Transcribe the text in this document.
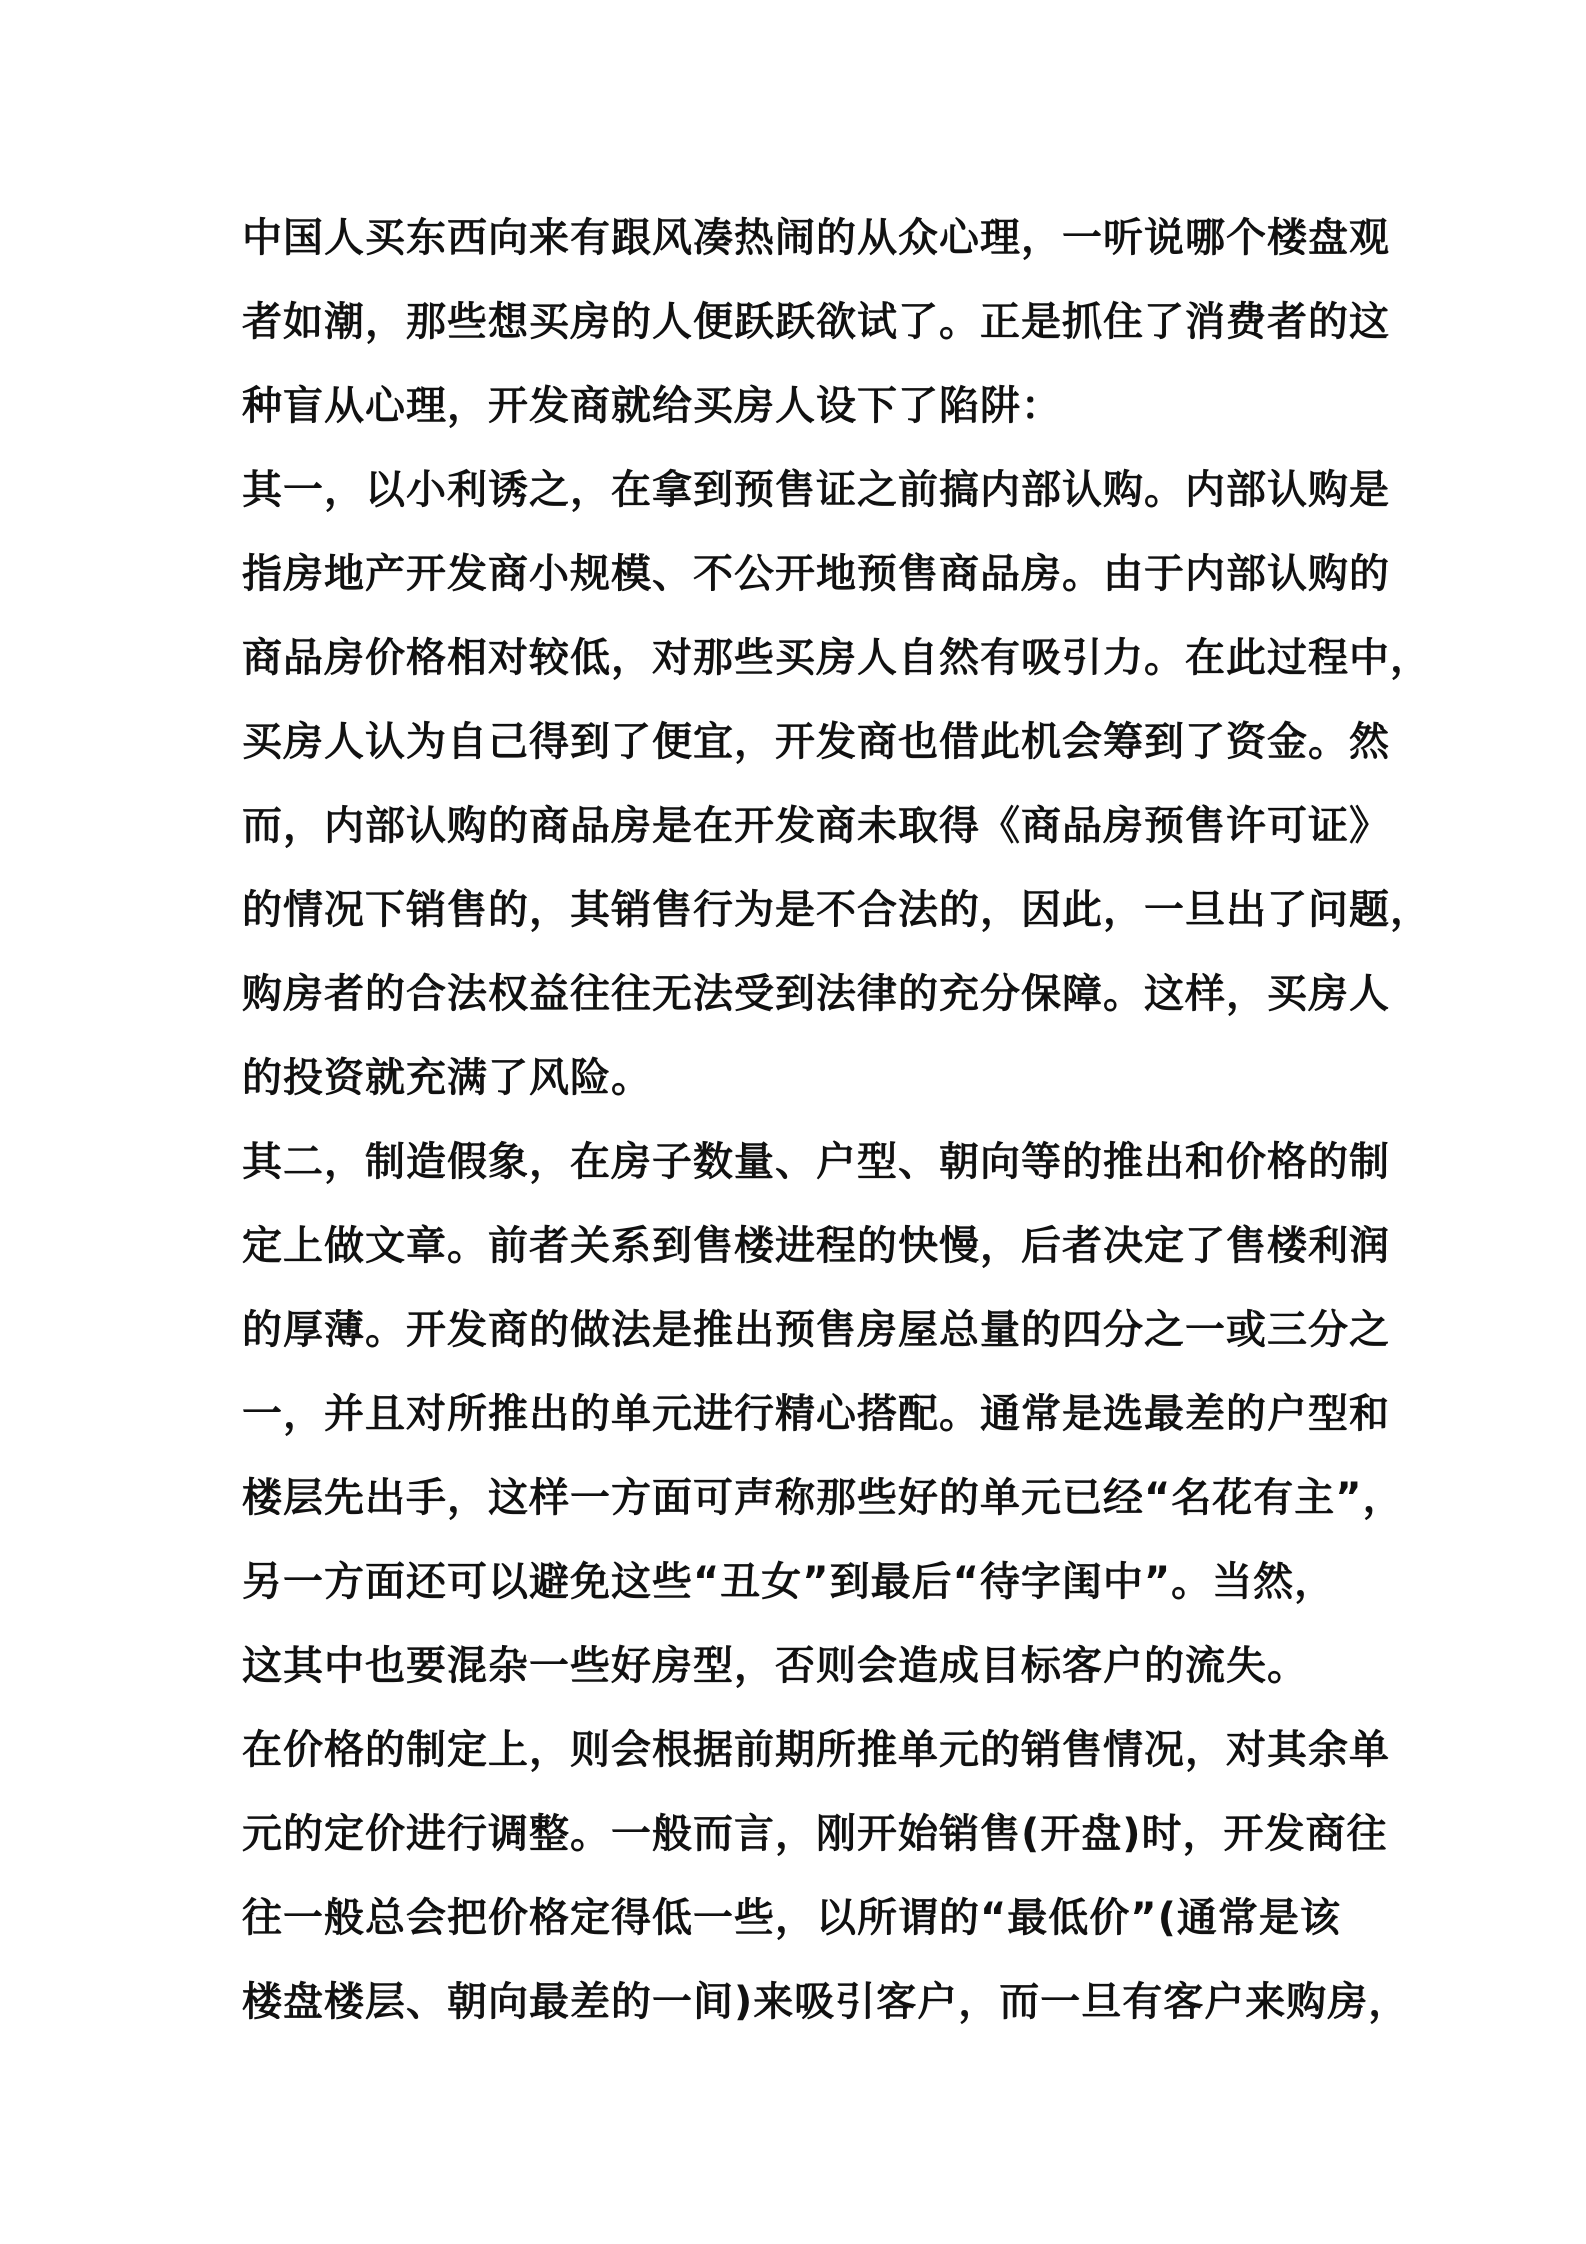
中国人买东西向来有跟风凑热闹的从众心理，一听说哪个楼盘观
者如潮，那些想买房的人便跃跃欲试了。正是抓住了消费者的这
种盲从心理，开发商就给买房人设下了陷阱：
其一，以小利诱之，在拿到预售证之前搞内部认购。内部认购是
指房地产开发商小规模、不公开地预售商品房。由于内部认购的
商品房价格相对较低，对那些买房人自然有吸引力。在此过程中，
买房人认为自己得到了便宜，开发商也借此机会筹到了资金。然
而，内部认购的商品房是在开发商未取得《商品房预售许可证》
的情况下销售的，其销售行为是不合法的，因此，一旦出了问题，
购房者的合法权益往往无法受到法律的充分保障。这样，买房人
的投资就充满了风险。
其二，制造假象，在房子数量、户型、朝向等的推出和价格的制
定上做文章。前者关系到售楼进程的快慢，后者决定了售楼利润
的厚薄。开发商的做法是推出预售房屋总量的四分之一或三分之
一，并且对所推出的单元进行精心搭配。通常是选最差的户型和
楼层先出手，这样一方面可声称那些好的单元已经“名花有主”，
另一方面还可以避免这些“丑女”到最后“待字闺中”。当然，
这其中也要混杂一些好房型，否则会造成目标客户的流失。
在价格的制定上，则会根据前期所推单元的销售情况，对其余单
元的定价进行调整。一般而言，刚开始销售(开盘)时，开发商往
往一般总会把价格定得低一些，以所谓的“最低价”(通常是该
楼盘楼层、朝向最差的一间)来吸引客户，而一旦有客户来购房，
